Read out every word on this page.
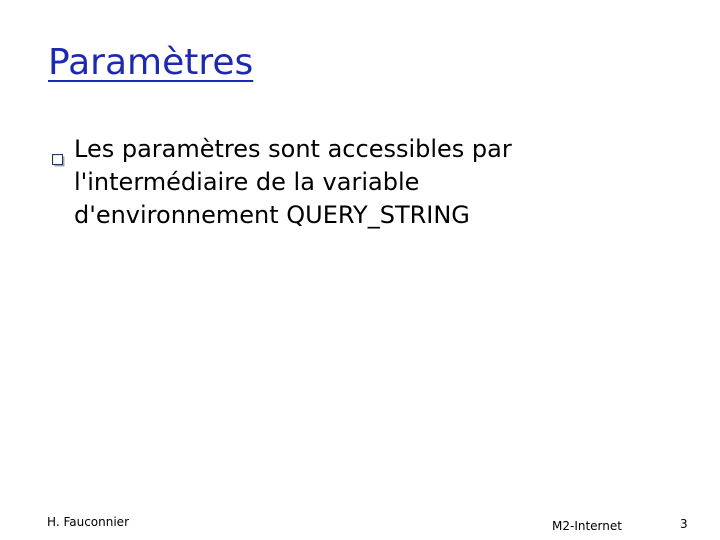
Paramètres
Les paramètres sont accessibles par
l'intermédiaire de la variable
d'environnement QUERY_STRING
H. Fauconnier	M2-Internet	3
